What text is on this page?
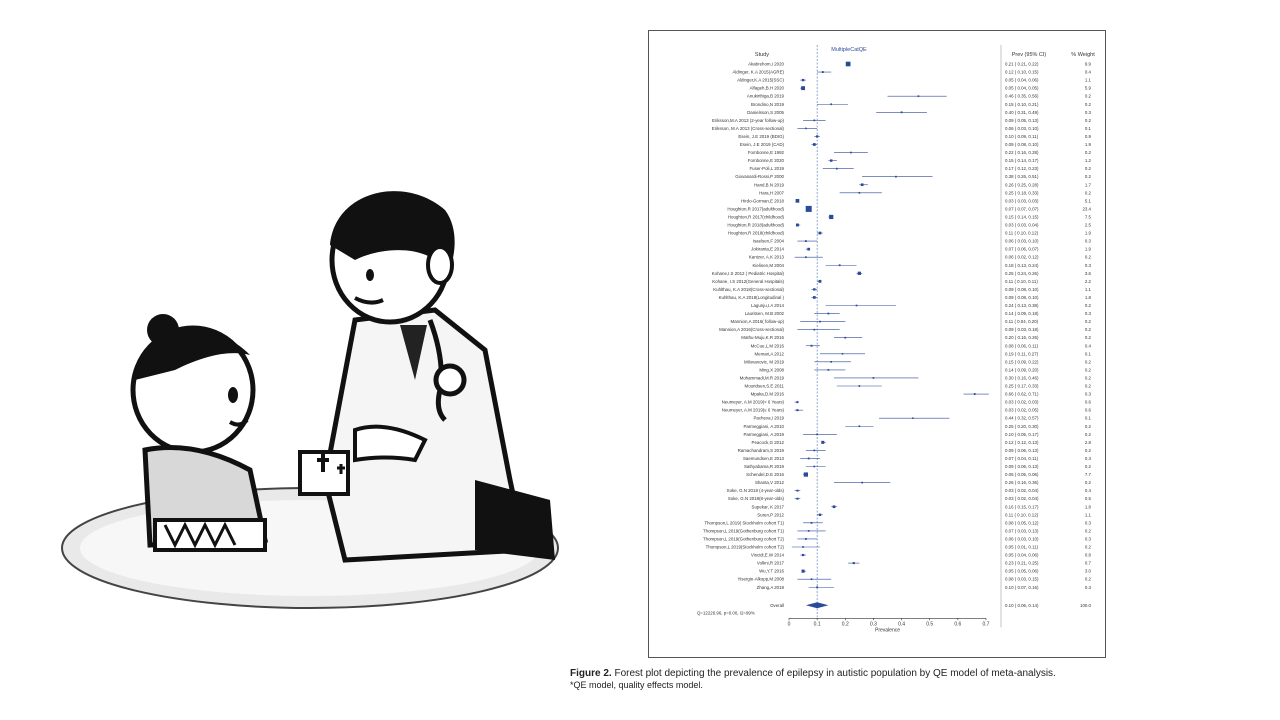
Study
MultipleCatQE
Prev (95% CI)	% Weight
Akabrehom,I 2020	0.21 ( 0.21, 0.22)	9.9
Aldinger, K.A 2015(AGRE)	0.12 ( 0.10, 0.15)	0.4
Aldinger,K.A 2015(SSC)	0.05 ( 0.04, 0.06)	1.1
Alfageh,B.H 2020	0.05 ( 0.04, 0.05)	5.9
Anukirthiga,B 2019	0.46 ( 0.35, 0.56)	0.2
Brondino,N 2019	0.15 ( 0.10, 0.21)	0.2
Danielsson,S 2005	0.40 ( 0.31, 0.49)	0.3
Eriksson,M.A 2013 (2-year follow-up)	0.09 ( 0.05, 0.13)	0.2
Eriksson, M.A 2013 (Cross-sectional)	0.06 ( 0.03, 0.10)	0.1
Esein, J.E 2019 (BDIG)	0.10 ( 0.09, 0.11)	0.9
Esein, J.E 2019 (CAD)	0.09 ( 0.08, 0.10)	1.9
Fombonne,E 1992	0.22 ( 0.16, 0.28)	0.2
Fombonne,E 2020	0.15 ( 0.14, 0.17)	1.2
Fuser-Poli,L 2019	0.17 ( 0.12, 0.23)	0.2
Giovanardi-Rossi,P 2000	0.38 ( 0.26, 0.51)	0.2
Hand,B.N 2019	0.26 ( 0.25, 0.28)	1.7
Hara,H 2007	0.25 ( 0.18, 0.33)	0.2
Hirdo-Gorman,E 2018	0.03 ( 0.03, 0.03)	5.1
Houghton,R 2017(adulthood)	0.07 ( 0.07, 0.07)	23.4
Houghton,R 2017(childhood)	0.15 ( 0.14, 0.15)	7.5
Houghton,R 2018(adulthood)	0.03 ( 0.03, 0.04)	2.5
Houghton,R 2018(childhood)	0.11 ( 0.10, 0.12)	1.9
Isaelsen,F 2004	0.06 ( 0.03, 0.10)	0.3
Jokiranta,E 2014	0.07 ( 0.06, 0.07)	1.9
Kantzer, A.K 2013	0.06 ( 0.02, 0.12)	0.2
Kielinen,M 2004	0.18 ( 0.13, 0.24)	0.3
Kohane,I.S 2012 ( Pediatric Hospital)	0.25 ( 0.24, 0.26)	3.6
Kohane, I.S 2012(General Hospitals)	0.11 ( 0.10, 0.11)	2.2
Kuhlthau, K.A 2018(Cross-sectional)	0.09 ( 0.08, 0.10)	1.1
Kuhlthau, K.A 2018(Longitudinal )	0.09 ( 0.08, 0.10)	1.8
Lagunju,I.A 2014	0.24 ( 0.13, 0.38)	0.2
Lauritsen, M.B 2002	0.14 ( 0.09, 0.18)	0.3
Mannion,A 2016( follow-up)	0.11 ( 0.04, 0.20)	0.2
Mannion,A 2016(Cross-sectional)	0.09 ( 0.03, 0.18)	0.2
Mathu-Muju,K.R 2016	0.20 ( 0.16, 0.26)	0.2
McCue,L.M 2016	0.08 ( 0.06, 0.11)	0.4
Memari,A 2012	0.19 ( 0.11, 0.27)	0.1
Milovanovic, M 2019	0.15 ( 0.09, 0.22)	0.2
Ming,X 2008	0.14 ( 0.09, 0.20)	0.2
Mohammadi,M.R 2019	0.30 ( 0.16, 0.46)	0.2
Mouridsen,S.E 2011	0.25 ( 0.17, 0.33)	0.2
Mpaka,D.M 2016	0.66 ( 0.62, 0.71)	0.3
Neumeyer, A.M 2019(< 6 Years)	0.03 ( 0.02, 0.03)	0.6
Neumeyer, A.M 2019(≥ 6 Years)	0.03 ( 0.02, 0.05)	0.6
Pacheva,I 2019	0.44 ( 0.32, 0.57)	0.1
Parmeggiani, A 2010	0.25 ( 0.20, 0.30)	0.2
Parmeggiani, A 2019	0.10 ( 0.05, 0.17)	0.2
Peacock,G 2012	0.12 ( 0.12, 0.13)	2.8
Ramachandram,S 2019	0.09 ( 0.06, 0.13)	0.2
Saemundsen,E 2013	0.07 ( 0.04, 0.11)	0.3
Sathyabama,R 2019	0.09 ( 0.06, 0.13)	0.2
Schendel,D.E 2016	0.06 ( 0.05, 0.06)	7.7
Shanta,V 2012	0.26 ( 0.16, 0.36)	0.2
Soke, G.N 2018 (4-year-olds)	0.03 ( 0.02, 0.04)	0.4
Soke, G.N 2018(8-year-olds)	0.03 ( 0.02, 0.04)	0.5
Supekar, K 2017	0.16 ( 0.15, 0.17)	1.8
Suren,P 2012	0.11 ( 0.10, 0.12)	1.1
Thompson,L 2019( Stockholm cohort T1)	0.08 ( 0.05, 0.12)	0.3
Thompson,L 2019(Gothenburg cohort T1)	0.07 ( 0.03, 0.13)	0.2
Thompson,L 2019(Gothenburg cohort T2)	0.06 ( 0.03, 0.10)	0.3
Thompson,L 2019(Stockholm cohort T2)	0.05 ( 0.01, 0.11)	0.2
Viscidi,E.W 2014	0.05 ( 0.04, 0.06)	0.8
Volkni,R 2017	0.23 ( 0.21, 0.25)	0.7
Wu,Y.T 2016	0.05 ( 0.05, 0.06)	3.0
Yisergin-Alkopp,M 2008	0.08 ( 0.03, 0.15)	0.2
Zhang,A 2019	0.10 ( 0.07, 0.16)	0.3
Overall	0.10 ( 0.06, 0.14)	100.0
Q=12226.96, p=0.00, I2=99%
0	0.1	0.2	0.3	0.4	0.5	0.6	0.7
Prevalence
Figure 2. Forest plot depicting the prevalence of epilepsy in autistic population by QE model of meta-analysis.
*QE model, quality effects model.
